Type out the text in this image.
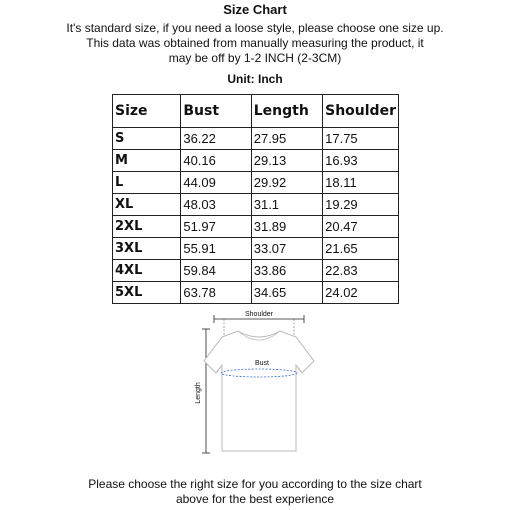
Size Chart
It's standard size, if you need a loose style, please choose one size up.
This data was obtained from manually measuring the product, it
may be off by 1-2 INCH (2-3CM)
Unit: Inch
Size	Bust	Length	Shoulder
S	36.22	27.95	17.75
M	40.16	29.13	16.93
L	44.09	29.92	18.11
XL	48.03	31.1	19.29
2XL	51.97	31.89	20.47
3XL	55.91	33.07	21.65
4XL	59.84	33.86	22.83
5XL	63.78	34.65	24.02
Shoulder
Length
Bust
Please choose the right size for you according to the size chart
above for the best experience
